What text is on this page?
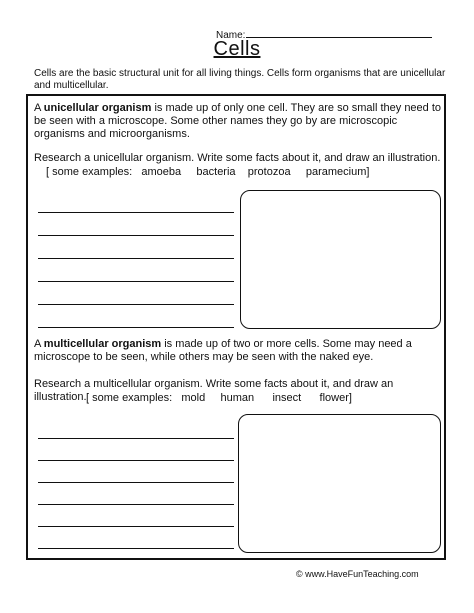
Name:
Cells
Cells are the basic structural unit for all living things. Cells form organisms that are unicellular and multicellular.
A unicellular organism is made up of only one cell. They are so small they need to be seen with a microscope. Some other names they go by are microscopic organisms and microorganisms.
Research a unicellular organism. Write some facts about it, and draw an illustration.
[ some examples:   amoeba     bacteria    protozoa     paramecium]
A multicellular organism is made up of two or more cells. Some may need a microscope to be seen, while others may be seen with the naked eye.
Research a multicellular organism. Write some facts about it, and draw an illustration. [ some examples:   mold     human      insect      flower]
© www.HaveFunTeaching.com
